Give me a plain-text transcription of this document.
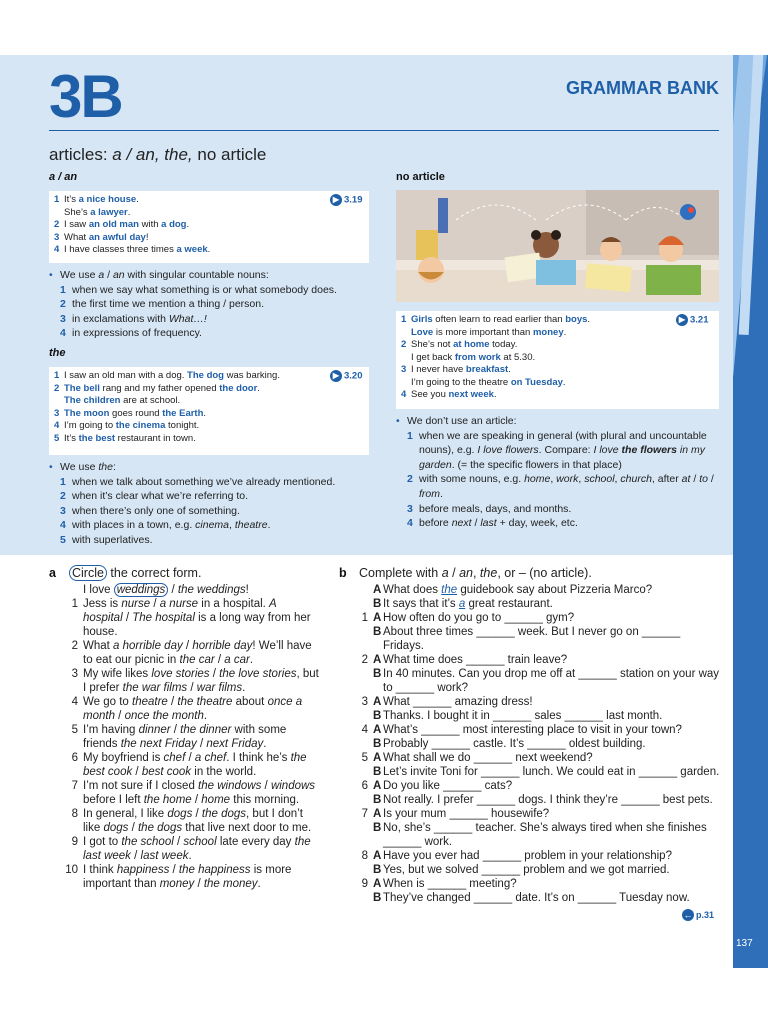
3B	GRAMMAR BANK
articles: a / an, the, no article
a / an
1 It’s a nice house.
She’s a lawyer.
2 I saw an old man with a dog.
3 What an awful day!
4 I have classes three times a week.
▶ 3.19
• We use a / an with singular countable nouns:
1 when we say what something is or what somebody does.
2 the first time we mention a thing / person.
3 in exclamations with What…!
4 in expressions of frequency.
the
1 I saw an old man with a dog. The dog was barking.
2 The bell rang and my father opened the door.
The children are at school.
3 The moon goes round the Earth.
4 I’m going to the cinema tonight.
5 It’s the best restaurant in town.
▶ 3.20
• We use the:
1 when we talk about something we’ve already mentioned.
2 when it’s clear what we’re referring to.
3 when there’s only one of something.
4 with places in a town, e.g. cinema, theatre.
5 with superlatives.
no article
1 Girls often learn to read earlier than boys.
Love is more important than money.
2 She’s not at home today.
I get back from work at 5.30.
3 I never have breakfast.
I’m going to the theatre on Tuesday.
4 See you next week.
▶ 3.21
• We don’t use an article:
1 when we are speaking in general (with plural and uncountable nouns), e.g. I love flowers. Compare: I love the flowers in my garden. (= the specific flowers in that place)
2 with some nouns, e.g. home, work, school, church, after at / to / from.
3 before meals, days, and months.
4 before next / last + day, week, etc.
a	Circle the correct form.
I love weddings / the weddings!
1 Jess is nurse / a nurse in a hospital. A hospital / The hospital is a long way from her house.
2 What a horrible day / horrible day! We’ll have to eat our picnic in the car / a car.
3 My wife likes love stories / the love stories, but I prefer the war films / war films.
4 We go to theatre / the theatre about once a month / once the month.
5 I’m having dinner / the dinner with some friends the next Friday / next Friday.
6 My boyfriend is chef / a chef. I think he’s the best cook / best cook in the world.
7 I’m not sure if I closed the windows / windows before I left the home / home this morning.
8 In general, I like dogs / the dogs, but I don’t like dogs / the dogs that live next door to me.
9 I got to the school / school late every day the last week / last week.
10 I think happiness / the happiness is more important than money / the money.
b Complete with a / an, the, or – (no article).
A What does the guidebook say about Pizzeria Marco?
B It says that it’s a great restaurant.
1 A How often do you go to ______ gym?
B About three times ______ week. But I never go on ______ Fridays.
2 A What time does ______ train leave?
B In 40 minutes. Can you drop me off at ______ station on your way to ______ work?
3 A What ______ amazing dress!
B Thanks. I bought it in ______ sales ______ last month.
4 A What’s ______ most interesting place to visit in your town?
B Probably ______ castle. It’s ______ oldest building.
5 A What shall we do ______ next weekend?
B Let’s invite Toni for ______ lunch. We could eat in ______ garden.
6 A Do you like ______ cats?
B Not really. I prefer ______ dogs. I think they’re ______ best pets.
7 A Is your mum ______ housewife?
B No, she’s ______ teacher. She’s always tired when she finishes ______ work.
8 A Have you ever had ______ problem in your relationship?
B Yes, but we solved ______ problem and we got married.
9 A When is ______ meeting?
B They’ve changed ______ date. It’s on ______ Tuesday now.
← p.31
137
